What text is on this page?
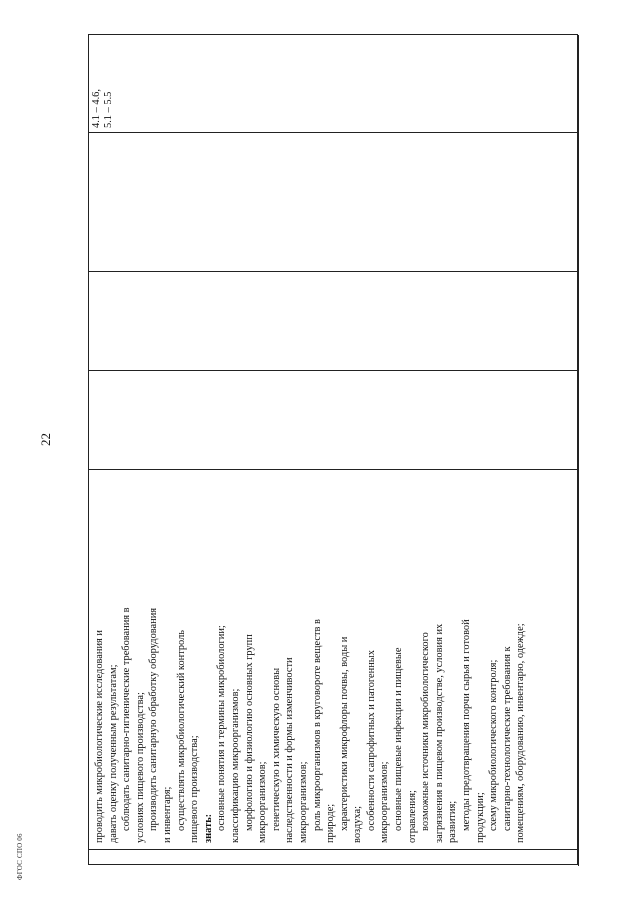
22
проводить микробиологические исследования и давать оценку полученным результатам; соблюдать санитарно-гигиенические требования в условиях пищевого производства; производить санитарную обработку оборудования и инвентаря; осуществлять микробиологический контроль пищевого производства; знать: основные понятия и термины микробиологии; классификацию микроорганизмов; морфологию и физиологию основных групп микроорганизмов; генетическую и химическую основы наследственности и формы изменчивости микроорганизмов; роль микроорганизмов в круговороте веществ в природе; характеристики микрофлоры почвы, воды и воздуха; особенности сапрофитных и патогенных микроорганизмов; основные пищевые инфекции и пищевые отравления; возможные источники микробиологического загрязнения в пищевом производстве, условия их развития; методы предотвращения порчи сырья и готовой продукции; схему микробиологического контроля; санитарно-технологические требования к помещениям, оборудованию, инвентарю, одежде;
4.1 – 4.6, 5.1 – 5.5
ФГОС СПО 06
